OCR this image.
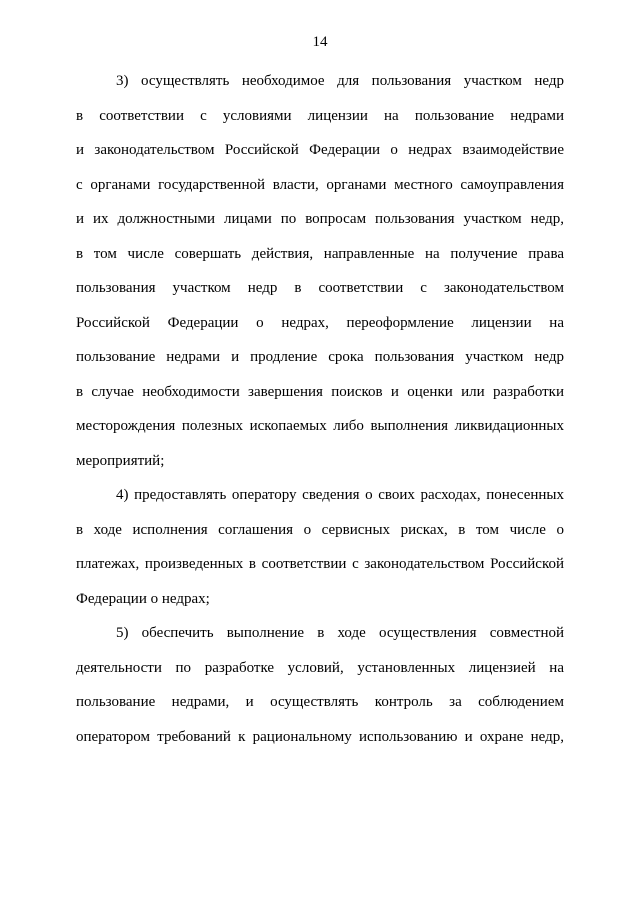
14
3) осуществлять необходимое для пользования участком недр
в соответствии с условиями лицензии на пользование недрами
и законодательством Российской Федерации о недрах взаимодействие
с органами государственной власти, органами местного самоуправления
и их должностными лицами по вопросам пользования участком недр,
в том числе совершать действия, направленные на получение права
пользования участком недр в соответствии с законодательством
Российской Федерации о недрах, переоформление лицензии на
пользование недрами и продление срока пользования участком недр
в случае необходимости завершения поисков и оценки или разработки
месторождения полезных ископаемых либо выполнения ликвидационных
мероприятий;
4) предоставлять оператору сведения о своих расходах, понесенных
в ходе исполнения соглашения о сервисных рисках, в том числе о
платежах, произведенных в соответствии с законодательством Российской
Федерации о недрах;
5) обеспечить выполнение в ходе осуществления совместной
деятельности по разработке условий, установленных лицензией на
пользование недрами, и осуществлять контроль за соблюдением
оператором требований к рациональному использованию и охране недр,
